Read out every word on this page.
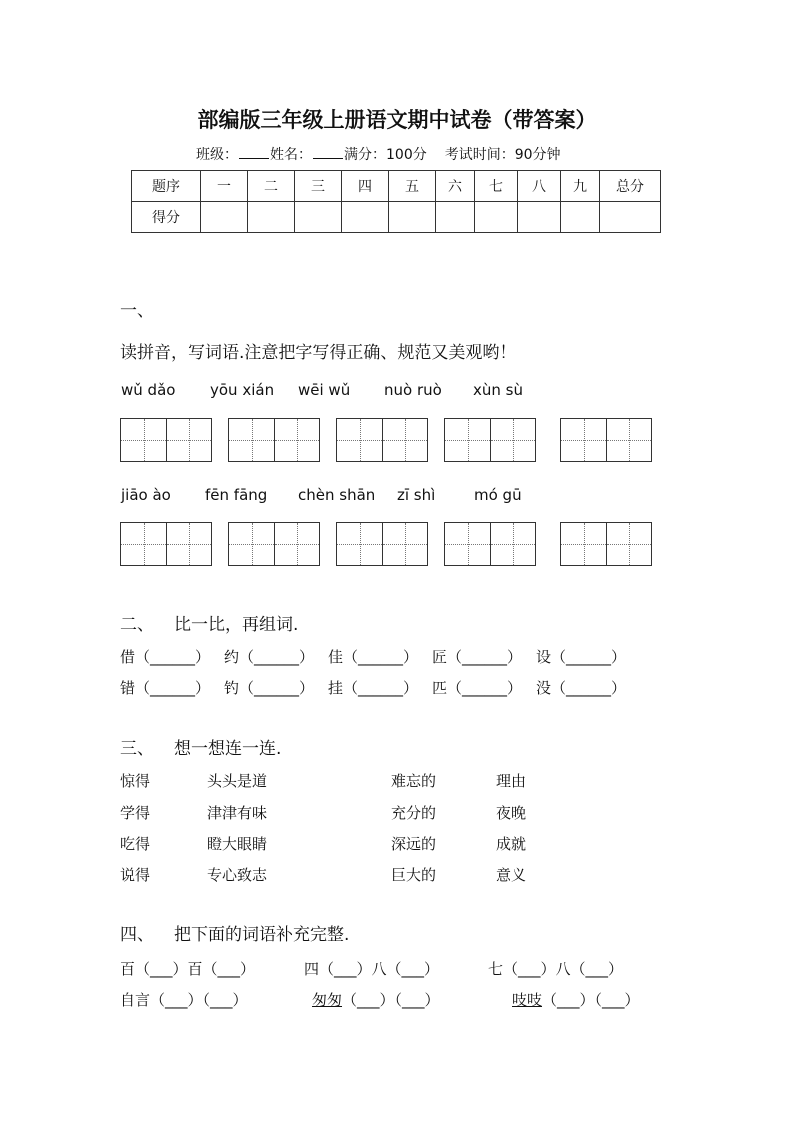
部编版三年级上册语文期中试卷（带答案）
班级： 姓名： 满分：100分 考试时间：90分钟
题序	一	二	三	四	五	六	七	八	九	总分
得分										
一、
读拼音，写词语.注意把字写得正确、规范又美观哟！
wǔ dǎo yōu xián wēi wǔ nuò ruò xùn sù
jiāo ào fēn fāng chèn shān zī shì	mó gū
二、 比一比，再组词.
借（______） 约（______） 佳（______） 匠（______） 设（______）
错（______） 钓（______） 挂（______） 匹（______） 没（______）
三、 想一想连一连.
惊得	头头是道	难忘的	理由
学得	津津有味	充分的	夜晚
吃得	瞪大眼睛	深远的	成就
说得	专心致志	巨大的	意义
四、 把下面的词语补充完整.
百（___）百（___）	四（___）八（___）	七（___）八（___）
自言（___）（___）	匆匆（___）（___）	吱吱（___）（___）
